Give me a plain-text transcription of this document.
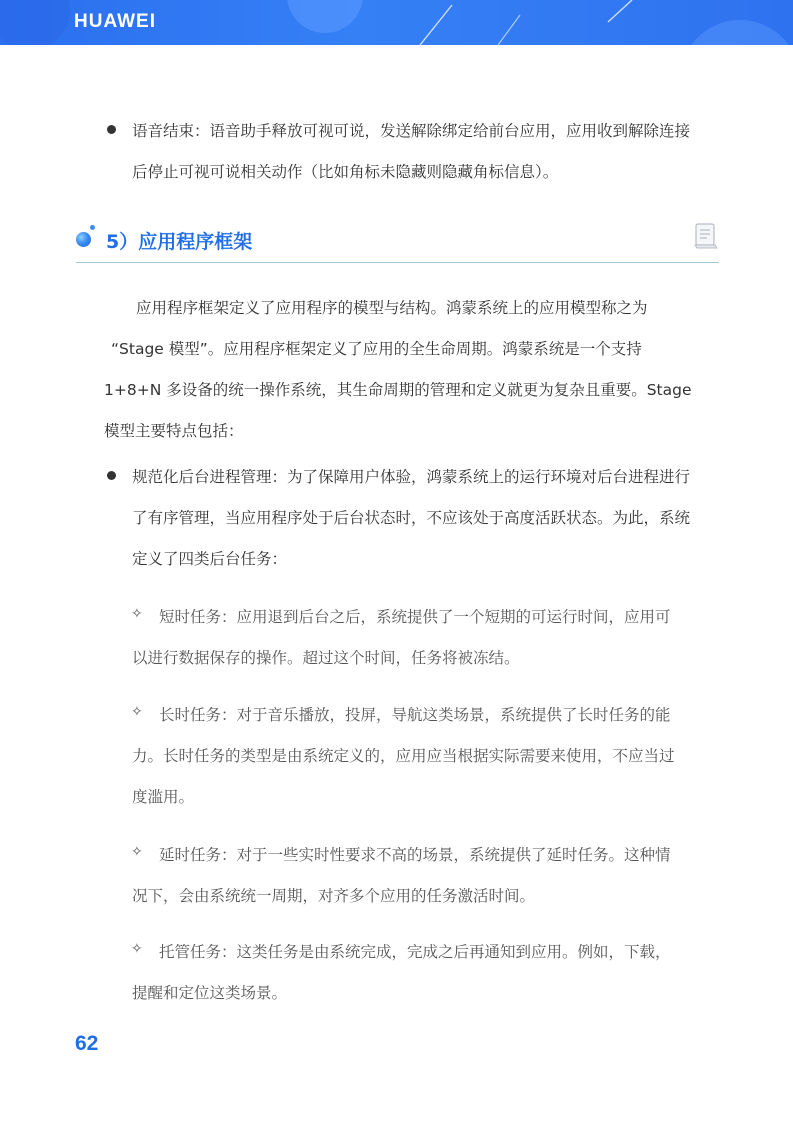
HUAWEI
语音结束：语音助手释放可视可说，发送解除绑定给前台应用，应用收到解除连接
后停止可视可说相关动作（比如角标未隐藏则隐藏角标信息）。
5）应用程序框架
应用程序框架定义了应用程序的模型与结构。鸿蒙系统上的应用模型称之为
“Stage 模型”。应用程序框架定义了应用的全生命周期。鸿蒙系统是一个支持
1+8+N 多设备的统一操作系统，其生命周期的管理和定义就更为复杂且重要。Stage
模型主要特点包括：
规范化后台进程管理：为了保障用户体验，鸿蒙系统上的运行环境对后台进程进行
了有序管理，当应用程序处于后台状态时，不应该处于高度活跃状态。为此，系统
定义了四类后台任务：
✧ 短时任务：应用退到后台之后，系统提供了一个短期的可运行时间，应用可
以进行数据保存的操作。超过这个时间，任务将被冻结。
✧ 长时任务：对于音乐播放，投屏，导航这类场景，系统提供了长时任务的能
力。长时任务的类型是由系统定义的，应用应当根据实际需要来使用，不应当过
度滥用。
✧ 延时任务：对于一些实时性要求不高的场景，系统提供了延时任务。这种情
况下，会由系统统一周期，对齐多个应用的任务激活时间。
✧ 托管任务：这类任务是由系统完成，完成之后再通知到应用。例如，下载，
提醒和定位这类场景。
62
